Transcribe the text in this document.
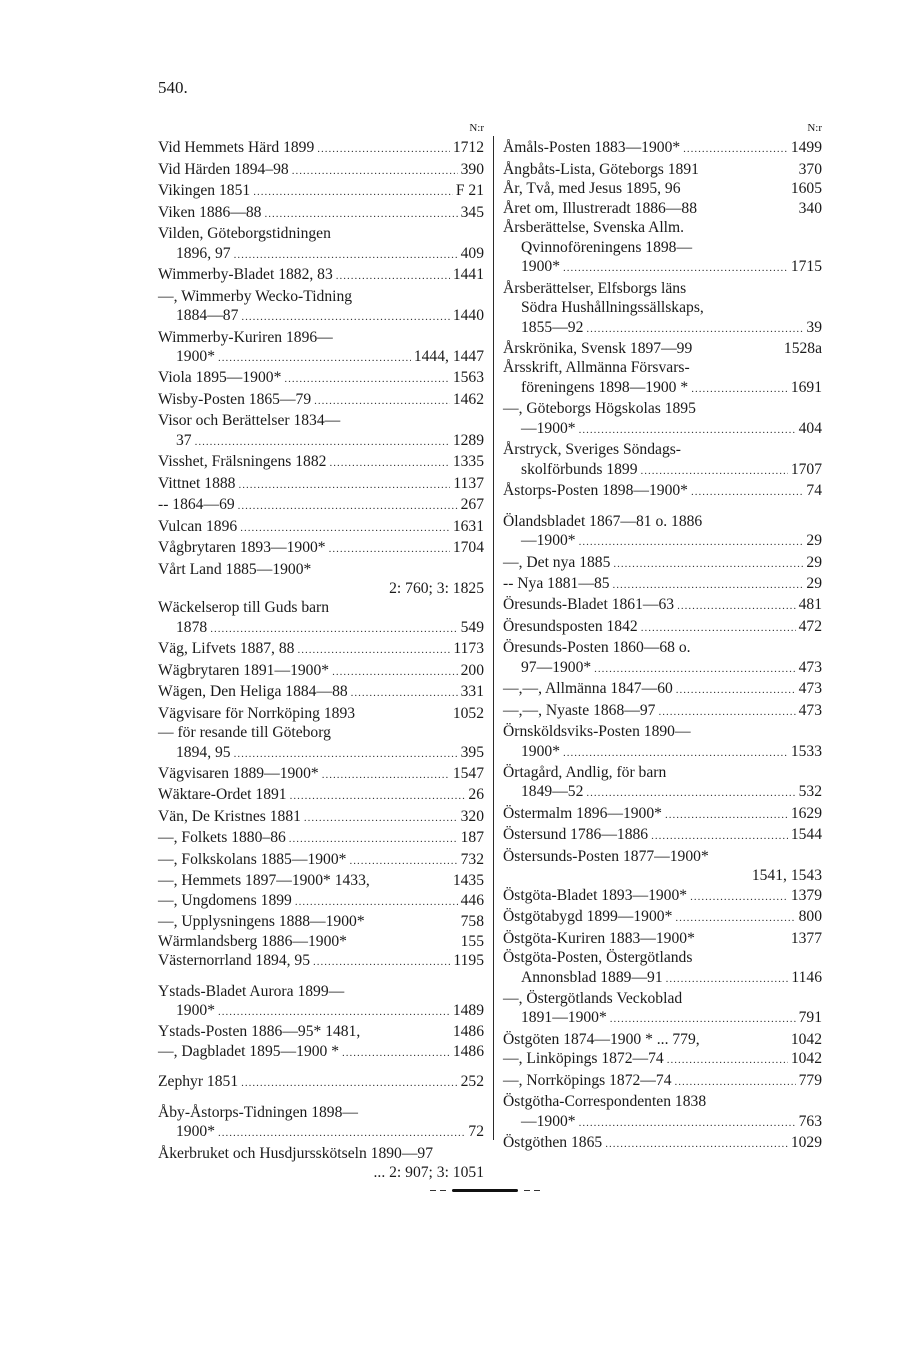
540.
N:r
Vid Hemmets Härd 1899 .....	1712
Vid Härden 1894–98 .....	390
Vikingen 1851 .....	F 21
Viken 1886—88 .....	345
Vilden, Göteborgstidningen
1896, 97 .....	409
Wimmerby-Bladet 1882, 83 .....	1441
—, Wimmerby Wecko-Tidning
1884—87 .....	1440
Wimmerby-Kuriren 1896—
1900* .....	1444, 1447
Viola 1895—1900* .....	1563
Wisby-Posten 1865—79 .....	1462
Visor och Berättelser 1834—
37 .....	1289
Visshet, Frälsningens 1882 .....	1335
Vittnet 1888 .....	1137
-- 1864—69 .....	267
Vulcan 1896 .....	1631
Vågbrytaren 1893—1900* .....	1704
Vårt Land 1885—1900*
2: 760; 3: 1825
Wäckelserop till Guds barn
1878 .....	549
Väg, Lifvets 1887, 88 .....	1173
Wägbrytaren 1891—1900* .....	200
Wägen, Den Heliga 1884—88 .....	331
Vägvisare för Norrköping 1893	1052
— för resande till Göteborg
1894, 95 .....	395
Vägvisaren 1889—1900* .....	1547
Wäktare-Ordet 1891 .....	26
Vän, De Kristnes 1881 .....	320
—, Folkets 1880–86 .....	187
—, Folkskolans 1885—1900* .....	732
—, Hemmets 1897—1900* 1433,	1435
—, Ungdomens 1899 .....	446
—, Upplysningens 1888—1900*	758
Wärmlandsberg 1886—1900*	155
Västernorrland 1894, 95 .....	1195
Ystads-Bladet Aurora 1899—
1900* .....	1489
Ystads-Posten 1886—95* 1481,	1486
—, Dagbladet 1895—1900 * .....	1486
Zephyr 1851 .....	252
Åby-Åstorps-Tidningen 1898—
1900* .....	72
Åkerbruket och Husdjursskötseln 1890—97
... 2: 907; 3: 1051
N:r
Åmåls-Posten 1883—1900* .....	1499
Ångbåts-Lista, Göteborgs 1891	370
År, Två, med Jesus 1895, 96	1605
Året om, Illustreradt 1886—88	340
Årsberättelse, Svenska Allm.
Qvinnoföreningens 1898—
1900* .....	1715
Årsberättelser, Elfsborgs läns
Södra Hushållningssällskaps,
1855—92 .....	39
Årskrönika, Svensk 1897—99	1528a
Årsskrift, Allmänna Försvars-
föreningens 1898—1900 * .....	1691
—, Göteborgs Högskolas 1895
—1900* .....	404
Årstryck, Sveriges Söndags-
skolförbunds 1899 .....	1707
Åstorps-Posten 1898—1900* .....	74
Ölandsbladet 1867—81 o. 1886
—1900* .....	29
—, Det nya 1885 .....	29
-- Nya 1881—85 .....	29
Öresunds-Bladet 1861—63 .....	481
Öresundsposten 1842 .....	472
Öresunds-Posten 1860—68 o.
97—1900* .....	473
—,—, Allmänna 1847—60 .....	473
—,—, Nyaste 1868—97 .....	473
Örnsköldsviks-Posten 1890—
1900* .....	1533
Örtagård, Andlig, för barn
1849—52 .....	532
Östermalm 1896—1900* .....	1629
Östersund 1786—1886 .....	1544
Östersunds-Posten 1877—1900*
1541, 1543
Östgöta-Bladet 1893—1900* .....	1379
Östgötabygd 1899—1900* .....	800
Östgöta-Kuriren 1883—1900*	1377
Östgöta-Posten, Östergötlands
Annonsblad 1889—91 .....	1146
—, Östergötlands Veckoblad
1891—1900* .....	791
Östgöten 1874—1900 * ... 779,	1042
—, Linköpings 1872—74 .....	1042
—, Norrköpings 1872—74 .....	779
Östgötha-Correspondenten 1838
—1900* .....	763
Östgöthen 1865 .....	1029
